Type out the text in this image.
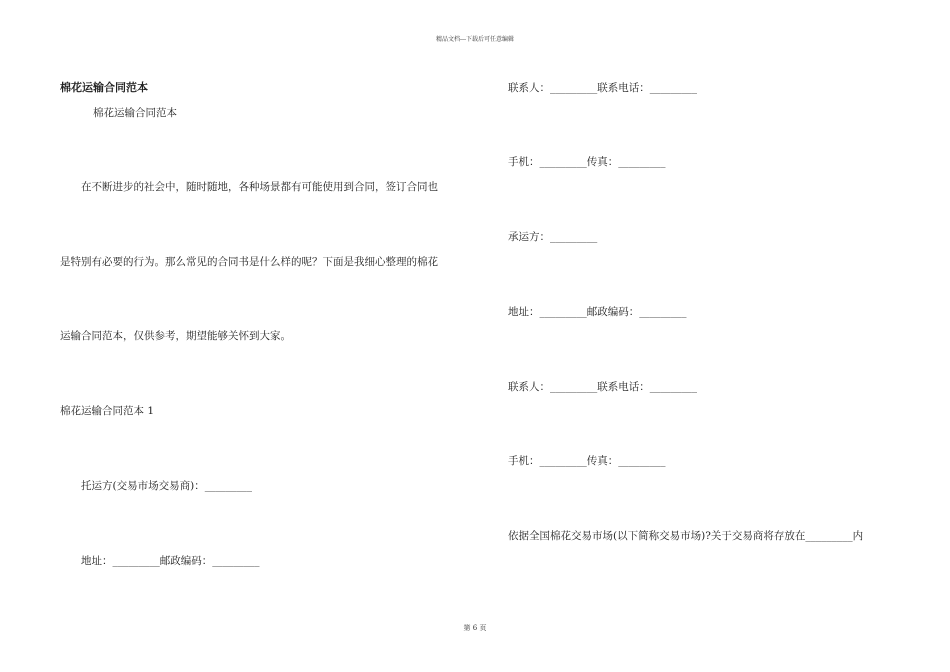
精品文档---下载后可任意编辑
棉花运输合同范本
棉花运输合同范本
在不断进步的社会中，随时随地，各种场景都有可能使用到合同，签订合同也
是特别有必要的行为。那么常见的合同书是什么样的呢？下面是我细心整理的棉花
运输合同范本，仅供参考，期望能够关怀到大家。
棉花运输合同范本 1
托运方(交易市场交易商)：_________
地址：_________邮政编码：_________
联系人：_________联系电话：_________
手机：_________传真：_________
承运方：_________
地址：_________邮政编码：_________
联系人：_________联系电话：_________
手机：_________传真：_________
依据全国棉花交易市场(以下简称交易市场)?关于交易商将存放在_________内
第 6 页
